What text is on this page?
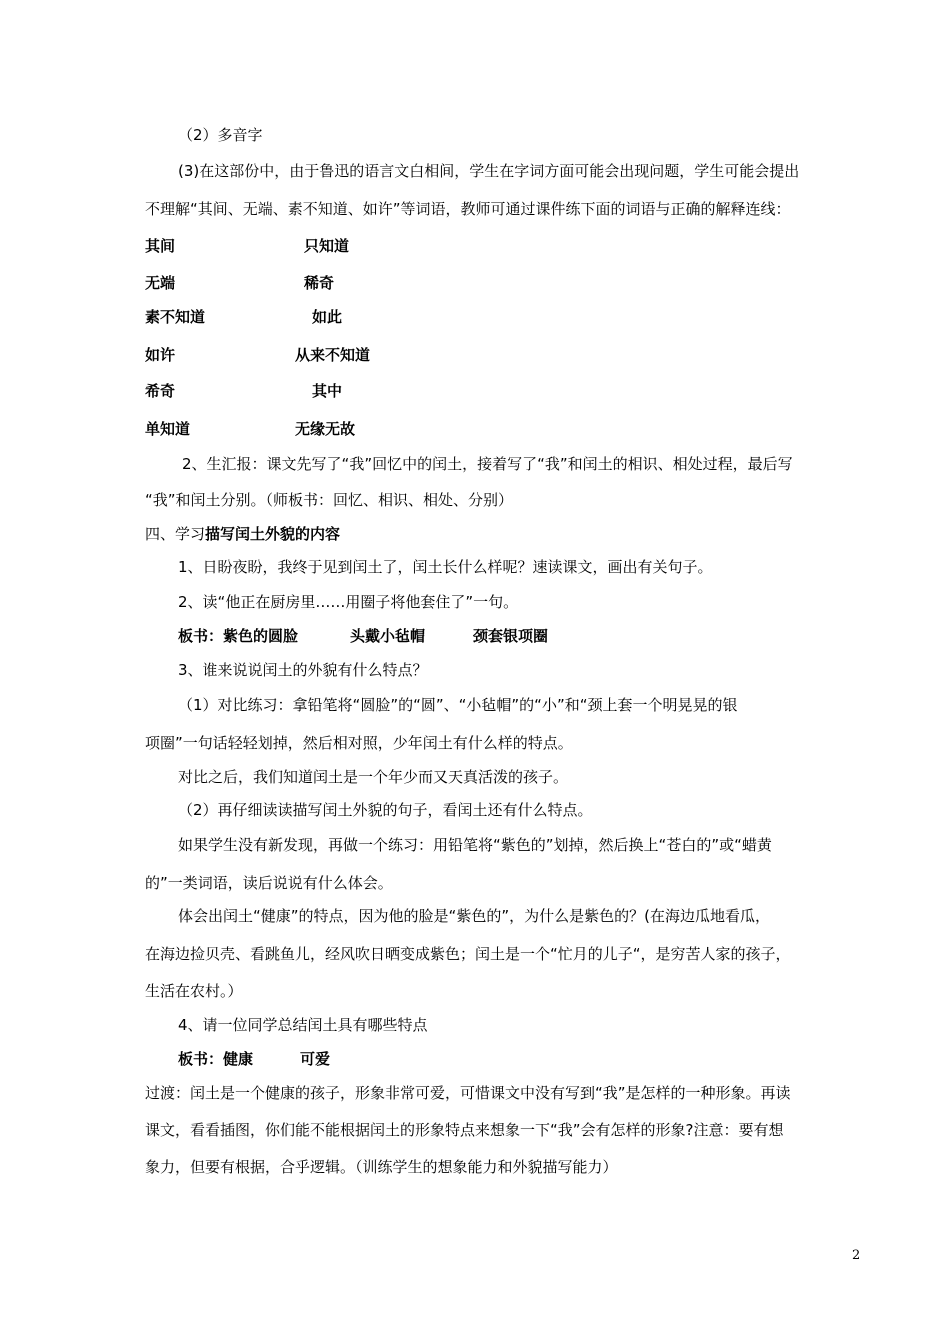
（2）多音字
(3)在这部份中，由于鲁迅的语言文白相间，学生在字词方面可能会出现问题，学生可能会提出
不理解“其间、无端、素不知道、如许”等词语，教师可通过课件练下面的词语与正确的解释连线：
其间	只知道
无端	稀奇
素不知道	如此
如许	从来不知道
希奇	其中
单知道	无缘无故
2、生汇报：课文先写了“我”回忆中的闰土，接着写了“我”和闰土的相识、相处过程，最后写
“我”和闰土分别。（师板书：回忆、相识、相处、分别）
四、学习描写闰土外貌的内容
1、日盼夜盼，我终于见到闰土了，闰土长什么样呢？速读课文，画出有关句子。
2、读“他正在厨房里……用圈子将他套住了”一句。
板书：紫色的圆脸	头戴小毡帽	颈套银项圈
3、谁来说说闰土的外貌有什么特点？
（1）对比练习：拿铅笔将“圆脸”的“圆”、“小毡帽”的“小”和“颈上套一个明晃晃的银
项圈”一句话轻轻划掉，然后相对照，少年闰土有什么样的特点。
对比之后，我们知道闰土是一个年少而又天真活泼的孩子。
（2）再仔细读读描写闰土外貌的句子，看闰土还有什么特点。
如果学生没有新发现，再做一个练习：用铅笔将“紫色的”划掉，然后换上“苍白的”或“蜡黄
的”一类词语，读后说说有什么体会。
体会出闰土“健康”的特点，因为他的脸是“紫色的”，为什么是紫色的？(在海边瓜地看瓜，
在海边捡贝壳、看跳鱼儿，经风吹日晒变成紫色；闰土是一个“忙月的儿子“，是穷苦人家的孩子，
生活在农村。）
4、请一位同学总结闰土具有哪些特点
板书：健康	可爱
过渡：闰土是一个健康的孩子，形象非常可爱，可惜课文中没有写到“我”是怎样的一种形象。再读
课文，看看插图，你们能不能根据闰土的形象特点来想象一下“我”会有怎样的形象?注意：要有想
象力，但要有根据，合乎逻辑。（训练学生的想象能力和外貌描写能力）
2
